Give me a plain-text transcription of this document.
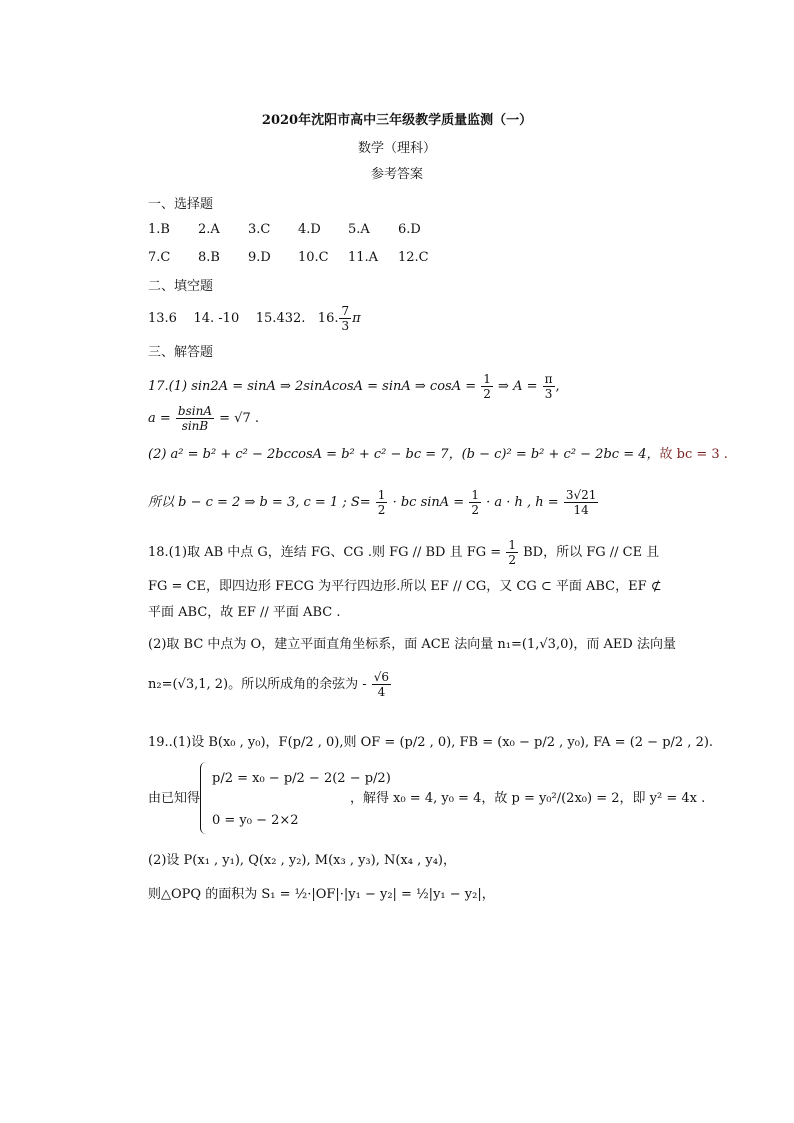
2020年沈阳市高中三年级教学质量监测（一）
数学（理科）
参考答案
一、选择题
1.B 2.A 3.C 4.D 5.A 6.D
7.C 8.B 9.D 10.C 11.A 12.C
二、填空题
13.6 14. -10 15.432. 16. $\frac{7}{3}$ π
三、解答题
17.(1) sin2A = sinA ⇒ 2sinAcosA = sinA ⇒ $\cos A = \frac{1}{2}$ ⇒ $A = \frac{\pi}{3}$ ,
$a = \frac{bsinA}{\sin B} = √7$ .
(2) a² = b² + c² − 2bccosA = b² + c² − bc = 7，(b − c)² = b² + c² − 2bc = 4，故 bc = 3 .
所以 b − c = 2 ⇒ b = 3, c = 1 ; $S= \frac{1}{2}$ · bc $\sin A = \frac{1}{2} \cdot a \cdot h$ , $h = \frac{3√21}{14}$
18.(1)取 AB 中点 G，连结 FG、CG .则 FG // BD 且 FG = $\frac{1}{2}$ BD，所以 FG // CE 且
FG = CE，即四边形 FECG 为平行四边形.所以 EF // CG，又 CG ⊂ 平面 ABC，EF ⊄
平面 ABC，故 EF // 平面 ABC .
(2)取 BC 中点为 O，建立平面直角坐标系，面 ACE 法向量 n₁=(1,√3,0)，而 AED 法向量
n₂=(√3,1, 2)。所以所成角的余弦为 - $\frac{√6}{4}$
19..(1)设 B(x₀ , y₀)，F(p/2 , 0),则 OF = (p/2 , 0), FB = (x₀ − p/2 , y₀), FA = (2 − p/2 , 2).
由已知得
p/2 = x₀ − p/2 − 2(2 − p/2)
0 = y₀ − 2×2
，解得 x₀ = 4, y₀ = 4，故 p = y₀²/(2x₀) = 2，即 y² = 4x .
(2)设 P(x₁ , y₁), Q(x₂ , y₂), M(x₃ , y₃), N(x₄ , y₄)，
则△OPQ 的面积为 S₁ = ½·|OF|·|y₁ − y₂| = ½|y₁ − y₂|，
